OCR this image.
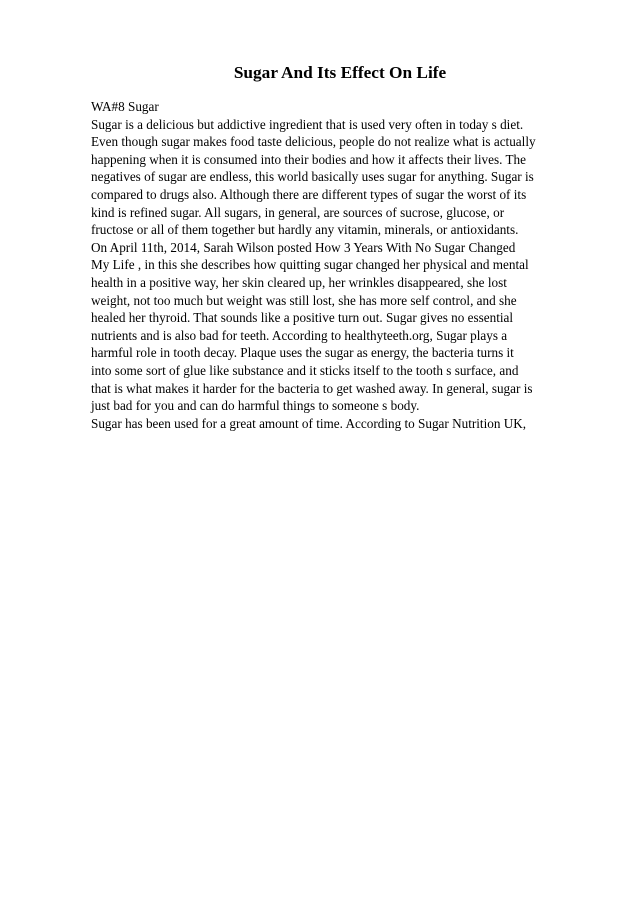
Sugar And Its Effect On Life
WA#8 Sugar
Sugar is a delicious but addictive ingredient that is used very often in today s diet.
Even though sugar makes food taste delicious, people do not realize what is actually
happening when it is consumed into their bodies and how it affects their lives. The
negatives of sugar are endless, this world basically uses sugar for anything. Sugar is
compared to drugs also. Although there are different types of sugar the worst of its
kind is refined sugar. All sugars, in general, are sources of sucrose, glucose, or
fructose or all of them together but hardly any vitamin, minerals, or antioxidants.
On April 11th, 2014, Sarah Wilson posted How 3 Years With No Sugar Changed
My Life , in this she describes how quitting sugar changed her physical and mental
health in a positive way, her skin cleared up, her wrinkles disappeared, she lost
weight, not too much but weight was still lost, she has more self control, and she
healed her thyroid. That sounds like a positive turn out. Sugar gives no essential
nutrients and is also bad for teeth. According to healthyteeth.org, Sugar plays a
harmful role in tooth decay. Plaque uses the sugar as energy, the bacteria turns it
into some sort of glue like substance and it sticks itself to the tooth s surface, and
that is what makes it harder for the bacteria to get washed away. In general, sugar is
just bad for you and can do harmful things to someone s body.
Sugar has been used for a great amount of time. According to Sugar Nutrition UK,
